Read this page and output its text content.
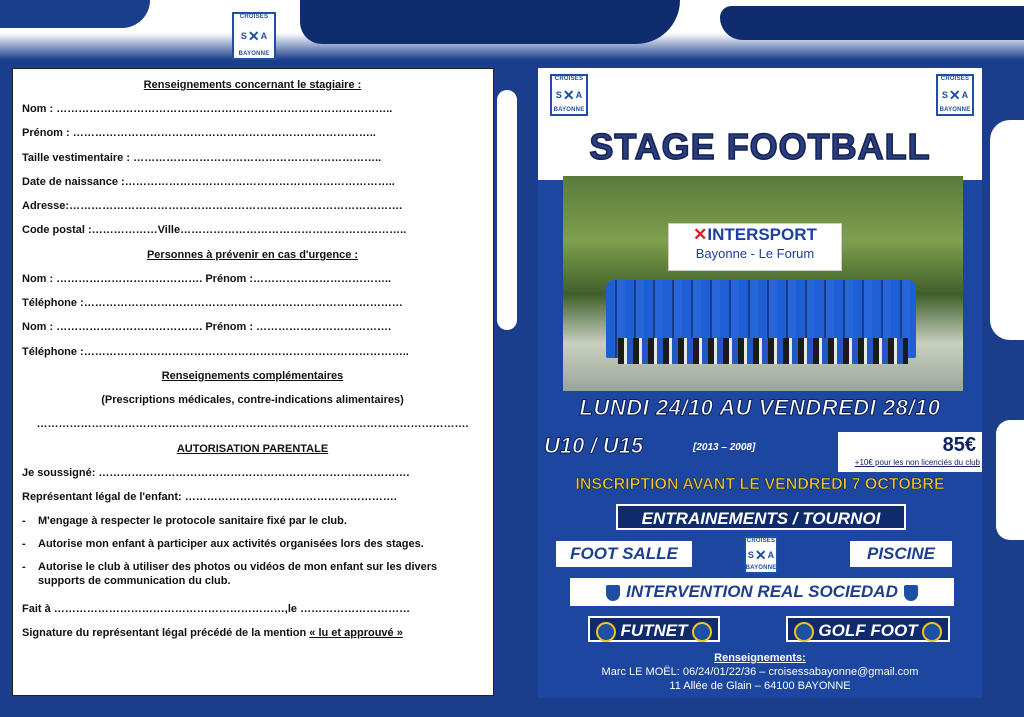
CROISÉS
S ✕ A
BAYONNE
Renseignements concernant le stagiaire :
Nom : ………………………………………………………………………………..
Prénom : ………………………………………………………………………..
Taille vestimentaire : …………………………………………………………..
Date de naissance :………………………………………………………………..
Adresse:……………………………………………………………………………….
Code postal :………………Ville……………………………………………………..
Personnes à prévenir en cas d'urgence :
Nom : …………………………………. Prénom :………………………………..
Téléphone :……………………………………………………………………………
Nom : …………………………………. Prénom : ……………………………….
Téléphone :……………………………………………………………………………..
Renseignements complémentaires
(Prescriptions médicales, contre-indications alimentaires)
……………………………………………………………………………………………………….
AUTORISATION PARENTALE
Je soussigné: ………………………………………………………………………….
Représentant légal de l'enfant: ………………………………………………….
- M'engage à respecter le protocole sanitaire fixé par le club.
- Autorise mon enfant à participer aux activités organisées lors des stages.
- Autorise le club à utiliser des photos ou vidéos de mon enfant sur les divers supports de communication du club.
Fait à ………………………………………………………,le …………………………
Signature du représentant légal précédé de la mention « lu et approuvé »
CROISÉS
S ✕ A
BAYONNE
CROISÉS
S ✕ A
BAYONNE
STAGE FOOTBALL
✕INTERSPORT
Bayonne - Le Forum
LUNDI 24/10 AU VENDREDI 28/10
U10 / U15	[2013 – 2008]	85€
+10€ pour les non licenciés du club
INSCRIPTION AVANT LE VENDREDI 7 OCTOBRE
ENTRAINEMENTS / TOURNOI
FOOT SALLE
CROISÉS
S ✕ A
BAYONNE
PISCINE
INTERVENTION REAL SOCIEDAD
FUTNET	GOLF FOOT
Renseignements:
Marc LE MOËL: 06/24/01/22/36 – croisessabayonne@gmail.com
11 Allée de Glain – 64100 BAYONNE
